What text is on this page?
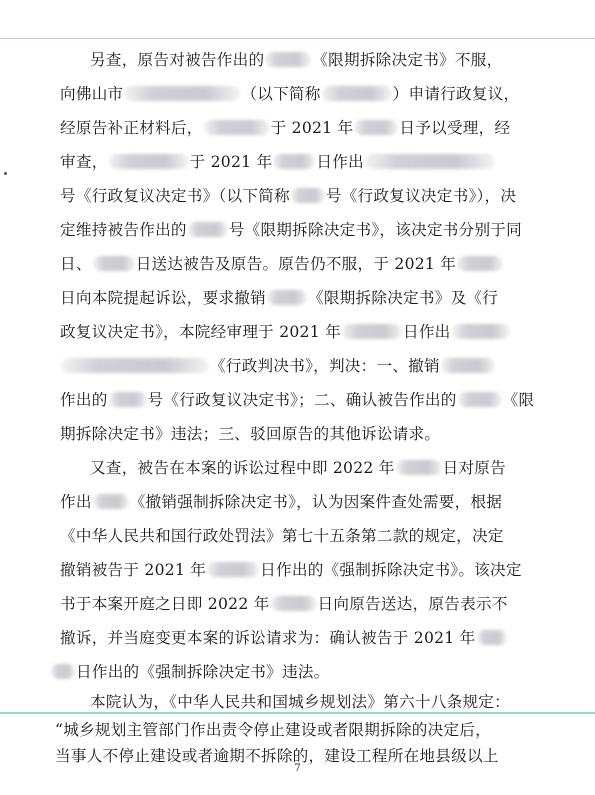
另查，原告对被告作出的	《限期拆除决定书》不服，
向佛山市	（以下简称	）申请行政复议，
经原告补正材料后，	于 2021 年	日予以受理，经
审查，	于 2021 年	日作出
号《行政复议决定书》（以下简称 号《行政复议决定书》），决
定维持被告作出的	号《限期拆除决定书》，该决定书分别于同
日、	日送达被告及原告。原告仍不服，于 2021 年
日向本院提起诉讼，要求撤销	《限期拆除决定书》及《行
政复议决定书》，本院经审理于 2021 年	日作出
《行政判决书》，判决：一、撤销
作出的	号《行政复议决定书》；二、确认被告作出的	《限
期拆除决定书》违法；三、驳回原告的其他诉讼请求。
又查，被告在本案的诉讼过程中即 2022 年	日对原告
作出 《撤销强制拆除决定书》，认为因案件查处需要，根据
《中华人民共和国行政处罚法》第七十五条第二款的规定，决定
撤销被告于 2021 年	日作出的《强制拆除决定书》。该决定
书于本案开庭之日即 2022 年	日向原告送达，原告表示不
撤诉，并当庭变更本案的诉讼请求为：确认被告于 2021 年
日作出的《强制拆除决定书》违法。
本院认为，《中华人民共和国城乡规划法》第六十八条规定：
“城乡规划主管部门作出责令停止建设或者限期拆除的决定后，
当事人不停止建设或者逾期不拆除的，建设工程所在地县级以上
7
